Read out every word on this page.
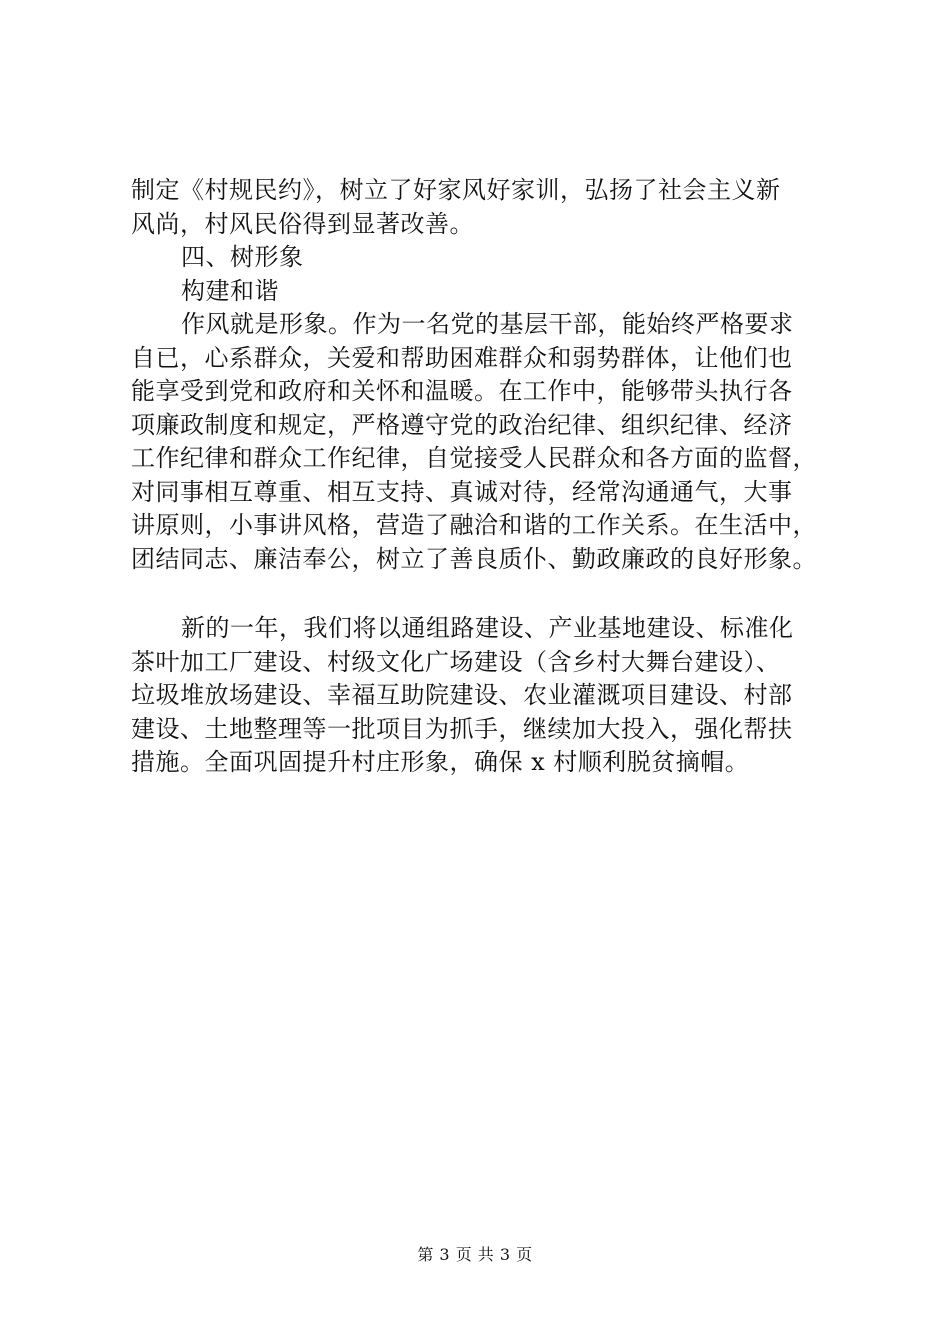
制定《村规民约》，树立了好家风好家训，弘扬了社会主义新
风尚，村风民俗得到显著改善。
四、树形象
构建和谐
作风就是形象。作为一名党的基层干部，能始终严格要求
自已，心系群众，关爱和帮助困难群众和弱势群体，让他们也
能享受到党和政府和关怀和温暖。在工作中，能够带头执行各
项廉政制度和规定，严格遵守党的政治纪律、组织纪律、经济
工作纪律和群众工作纪律，自觉接受人民群众和各方面的监督，
对同事相互尊重、相互支持、真诚对待，经常沟通通气，大事
讲原则，小事讲风格，营造了融洽和谐的工作关系。在生活中，
团结同志、廉洁奉公，树立了善良质仆、勤政廉政的良好形象。
新的一年，我们将以通组路建设、产业基地建设、标准化
茶叶加工厂建设、村级文化广场建设（含乡村大舞台建设）、
垃圾堆放场建设、幸福互助院建设、农业灌溉项目建设、村部
建设、土地整理等一批项目为抓手，继续加大投入，强化帮扶
措施。全面巩固提升村庄形象，确保 x 村顺利脱贫摘帽。
第 3 页 共 3 页
